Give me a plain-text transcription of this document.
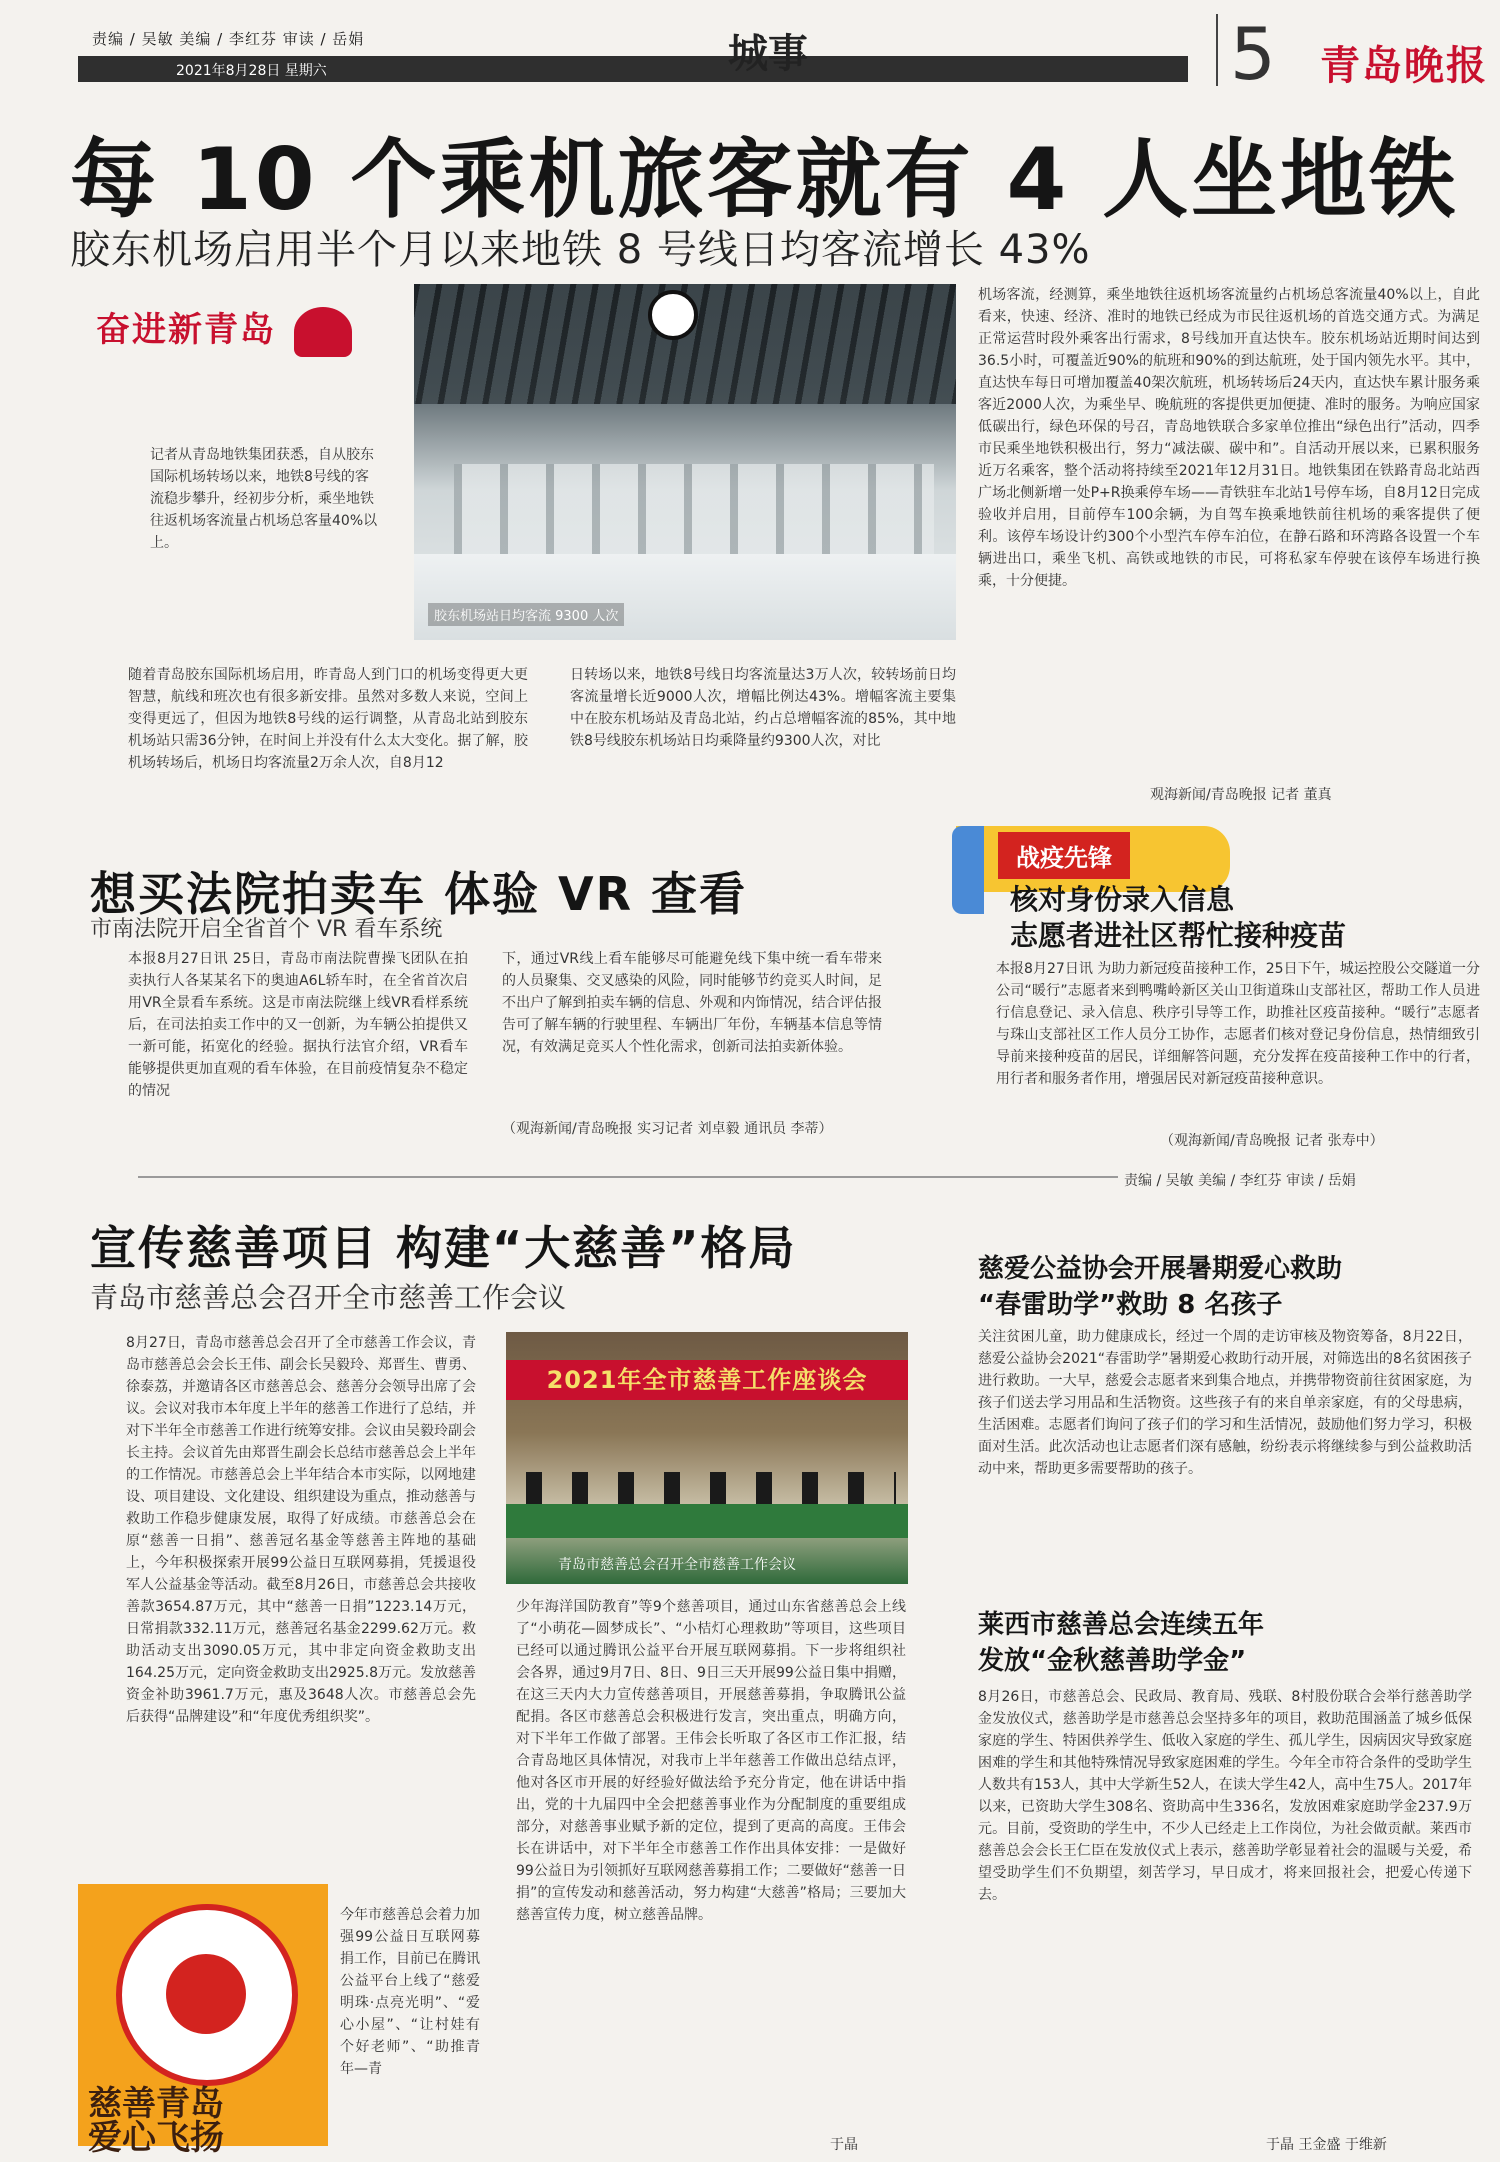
责编 / 吴敏 美编 / 李红芬 审读 / 岳娟
2021年8月28日 星期六	城事	5 青岛晚报
每 10 个乘机旅客就有 4 人坐地铁
胶东机场启用半个月以来地铁 8 号线日均客流增长 43%
奋进新青岛
记者从青岛地铁集团获悉，自从胶东国际机场转场以来，地铁8号线的客流稳步攀升，经初步分析，乘坐地铁往返机场客流量占机场总客量40%以上。
胶东机场站日均客流 9300 人次
随着青岛胶东国际机场启用，昨青岛人到门口的机场变得更大更智慧，航线和班次也有很多新安排。虽然对多数人来说，空间上变得更远了，但因为地铁8号线的运行调整，从青岛北站到胶东机场站只需36分钟，在时间上并没有什么太大变化。据了解，胶机场转场后，机场日均客流量2万余人次，自8月12
日转场以来，地铁8号线日均客流量达3万人次，较转场前日均客流量增长近9000人次，增幅比例达43%。增幅客流主要集中在胶东机场站及青岛北站，约占总增幅客流的85%，其中地铁8号线胶东机场站日均乘降量约9300人次，对比
机场客流，经测算，乘坐地铁往返机场客流量约占机场总客流量40%以上，自此看来，快速、经济、准时的地铁已经成为市民往返机场的首选交通方式。为满足正常运营时段外乘客出行需求，8号线加开直达快车。胶东机场站近期时间达到36.5小时，可覆盖近90%的航班和90%的到达航班，处于国内领先水平。其中，直达快车每日可增加覆盖40架次航班，机场转场后24天内，直达快车累计服务乘客近2000人次，为乘坐早、晚航班的客提供更加便捷、准时的服务。为响应国家低碳出行，绿色环保的号召，青岛地铁联合多家单位推出“绿色出行”活动，四季市民乘坐地铁积极出行，努力“减法碳、碳中和”。自活动开展以来，已累积服务近万名乘客，整个活动将持续至2021年12月31日。地铁集团在铁路青岛北站西广场北侧新增一处P+R换乘停车场——青铁驻车北站1号停车场，自8月12日完成验收并启用，目前停车100余辆，为自驾车换乘地铁前往机场的乘客提供了便利。该停车场设计约300个小型汽车停车泊位，在静石路和环湾路各设置一个车辆进出口，乘坐飞机、高铁或地铁的市民，可将私家车停驶在该停车场进行换乘，十分便捷。
观海新闻/青岛晚报 记者 董真
想买法院拍卖车 体验 VR 查看
市南法院开启全省首个 VR 看车系统
本报8月27日讯 25日，青岛市南法院曹操飞团队在拍卖执行人各某某名下的奥迪A6L轿车时，在全省首次启用VR全景看车系统。这是市南法院继上线VR看样系统后，在司法拍卖工作中的又一创新，为车辆公拍提供又一新可能，拓宽化的经验。据执行法官介绍，VR看车能够提供更加直观的看车体验，在目前疫情复杂不稳定的情况
下，通过VR线上看车能够尽可能避免线下集中统一看车带来的人员聚集、交叉感染的风险，同时能够节约竞买人时间，足不出户了解到拍卖车辆的信息、外观和内饰情况，结合评估报告可了解车辆的行驶里程、车辆出厂年份，车辆基本信息等情况，有效满足竞买人个性化需求，创新司法拍卖新体验。
（观海新闻/青岛晚报 实习记者 刘卓毅 通讯员 李蒂）
战疫先锋
核对身份录入信息
志愿者进社区帮忙接种疫苗
本报8月27日讯 为助力新冠疫苗接种工作，25日下午，城运控股公交隧道一分公司“暖行”志愿者来到鸭嘴岭新区关山卫街道珠山支部社区，帮助工作人员进行信息登记、录入信息、秩序引导等工作，助推社区疫苗接种。“暖行”志愿者与珠山支部社区工作人员分工协作，志愿者们核对登记身份信息，热情细致引导前来接种疫苗的居民，详细解答问题，充分发挥在疫苗接种工作中的行者，用行者和服务者作用，增强居民对新冠疫苗接种意识。
（观海新闻/青岛晚报 记者 张寿中）
责编 / 吴敏 美编 / 李红芬 审读 / 岳娟
宣传慈善项目 构建“大慈善”格局
青岛市慈善总会召开全市慈善工作会议
8月27日，青岛市慈善总会召开了全市慈善工作会议，青岛市慈善总会会长王伟、副会长吴毅玲、郑晋生、曹勇、徐泰荔，并邀请各区市慈善总会、慈善分会领导出席了会议。会议对我市本年度上半年的慈善工作进行了总结，并对下半年全市慈善工作进行统筹安排。会议由吴毅玲副会长主持。会议首先由郑晋生副会长总结市慈善总会上半年的工作情况。市慈善总会上半年结合本市实际，以网地建设、项目建设、文化建设、组织建设为重点，推动慈善与救助工作稳步健康发展，取得了好成绩。市慈善总会在原“慈善一日捐”、慈善冠名基金等慈善主阵地的基础上，今年积极探索开展99公益日互联网募捐，凭援退役军人公益基金等活动。截至8月26日，市慈善总会共接收善款3654.87万元，其中“慈善一日捐”1223.14万元，日常捐款332.11万元，慈善冠名基金2299.62万元。救助活动支出3090.05万元，其中非定向资金救助支出164.25万元，定向资金救助支出2925.8万元。发放慈善资金补助3961.7万元，惠及3648人次。市慈善总会先后获得“品牌建设”和“年度优秀组织奖”。
2021年全市慈善工作座谈会
青岛市慈善总会召开全市慈善工作会议
少年海洋国防教育”等9个慈善项目，通过山东省慈善总会上线了“小萌花—圆梦成长”、“小桔灯心理救助”等项目，这些项目已经可以通过腾讯公益平台开展互联网募捐。下一步将组织社会各界，通过9月7日、8日、9日三天开展99公益日集中捐赠，在这三天内大力宣传慈善项目，开展慈善募捐，争取腾讯公益配捐。各区市慈善总会积极进行发言，突出重点，明确方向，对下半年工作做了部署。王伟会长听取了各区市工作汇报，结合青岛地区具体情况，对我市上半年慈善工作做出总结点评，他对各区市开展的好经验好做法给予充分肯定，他在讲话中指出，党的十九届四中全会把慈善事业作为分配制度的重要组成部分，对慈善事业赋予新的定位，提到了更高的高度。王伟会长在讲话中，对下半年全市慈善工作作出具体安排：一是做好99公益日为引领抓好互联网慈善募捐工作；二要做好“慈善一日捐”的宣传发动和慈善活动，努力构建“大慈善”格局；三要加大慈善宣传力度，树立慈善品牌。
慈善青岛
爱心飞扬
今年市慈善总会着力加强99公益日互联网募捐工作，目前已在腾讯公益平台上线了“慈爱明珠·点亮光明”、“爱心小屋”、“让村娃有个好老师”、“助推青年—青
于晶
慈爱公益协会开展暑期爱心救助
“春雷助学”救助 8 名孩子
关注贫困儿童，助力健康成长，经过一个周的走访审核及物资筹备，8月22日，慈爱公益协会2021“春雷助学”暑期爱心救助行动开展，对筛选出的8名贫困孩子进行救助。一大早，慈爱会志愿者来到集合地点，并携带物资前往贫困家庭，为孩子们送去学习用品和生活物资。这些孩子有的来自单亲家庭，有的父母患病，生活困难。志愿者们询问了孩子们的学习和生活情况，鼓励他们努力学习，积极面对生活。此次活动也让志愿者们深有感触，纷纷表示将继续参与到公益救助活动中来，帮助更多需要帮助的孩子。
莱西市慈善总会连续五年
发放“金秋慈善助学金”
8月26日，市慈善总会、民政局、教育局、残联、8村股份联合会举行慈善助学金发放仪式，慈善助学是市慈善总会坚持多年的项目，救助范围涵盖了城乡低保家庭的学生、特困供养学生、低收入家庭的学生、孤儿学生，因病因灾导致家庭困难的学生和其他特殊情况导致家庭困难的学生。今年全市符合条件的受助学生人数共有153人，其中大学新生52人，在读大学生42人，高中生75人。2017年以来，已资助大学生308名、资助高中生336名，发放困难家庭助学金237.9万元。目前，受资助的学生中，不少人已经走上工作岗位，为社会做贡献。莱西市慈善总会会长王仁臣在发放仪式上表示，慈善助学彰显着社会的温暖与关爱，希望受助学生们不负期望，刻苦学习，早日成才，将来回报社会，把爱心传递下去。
于晶 王金盛 于维新
